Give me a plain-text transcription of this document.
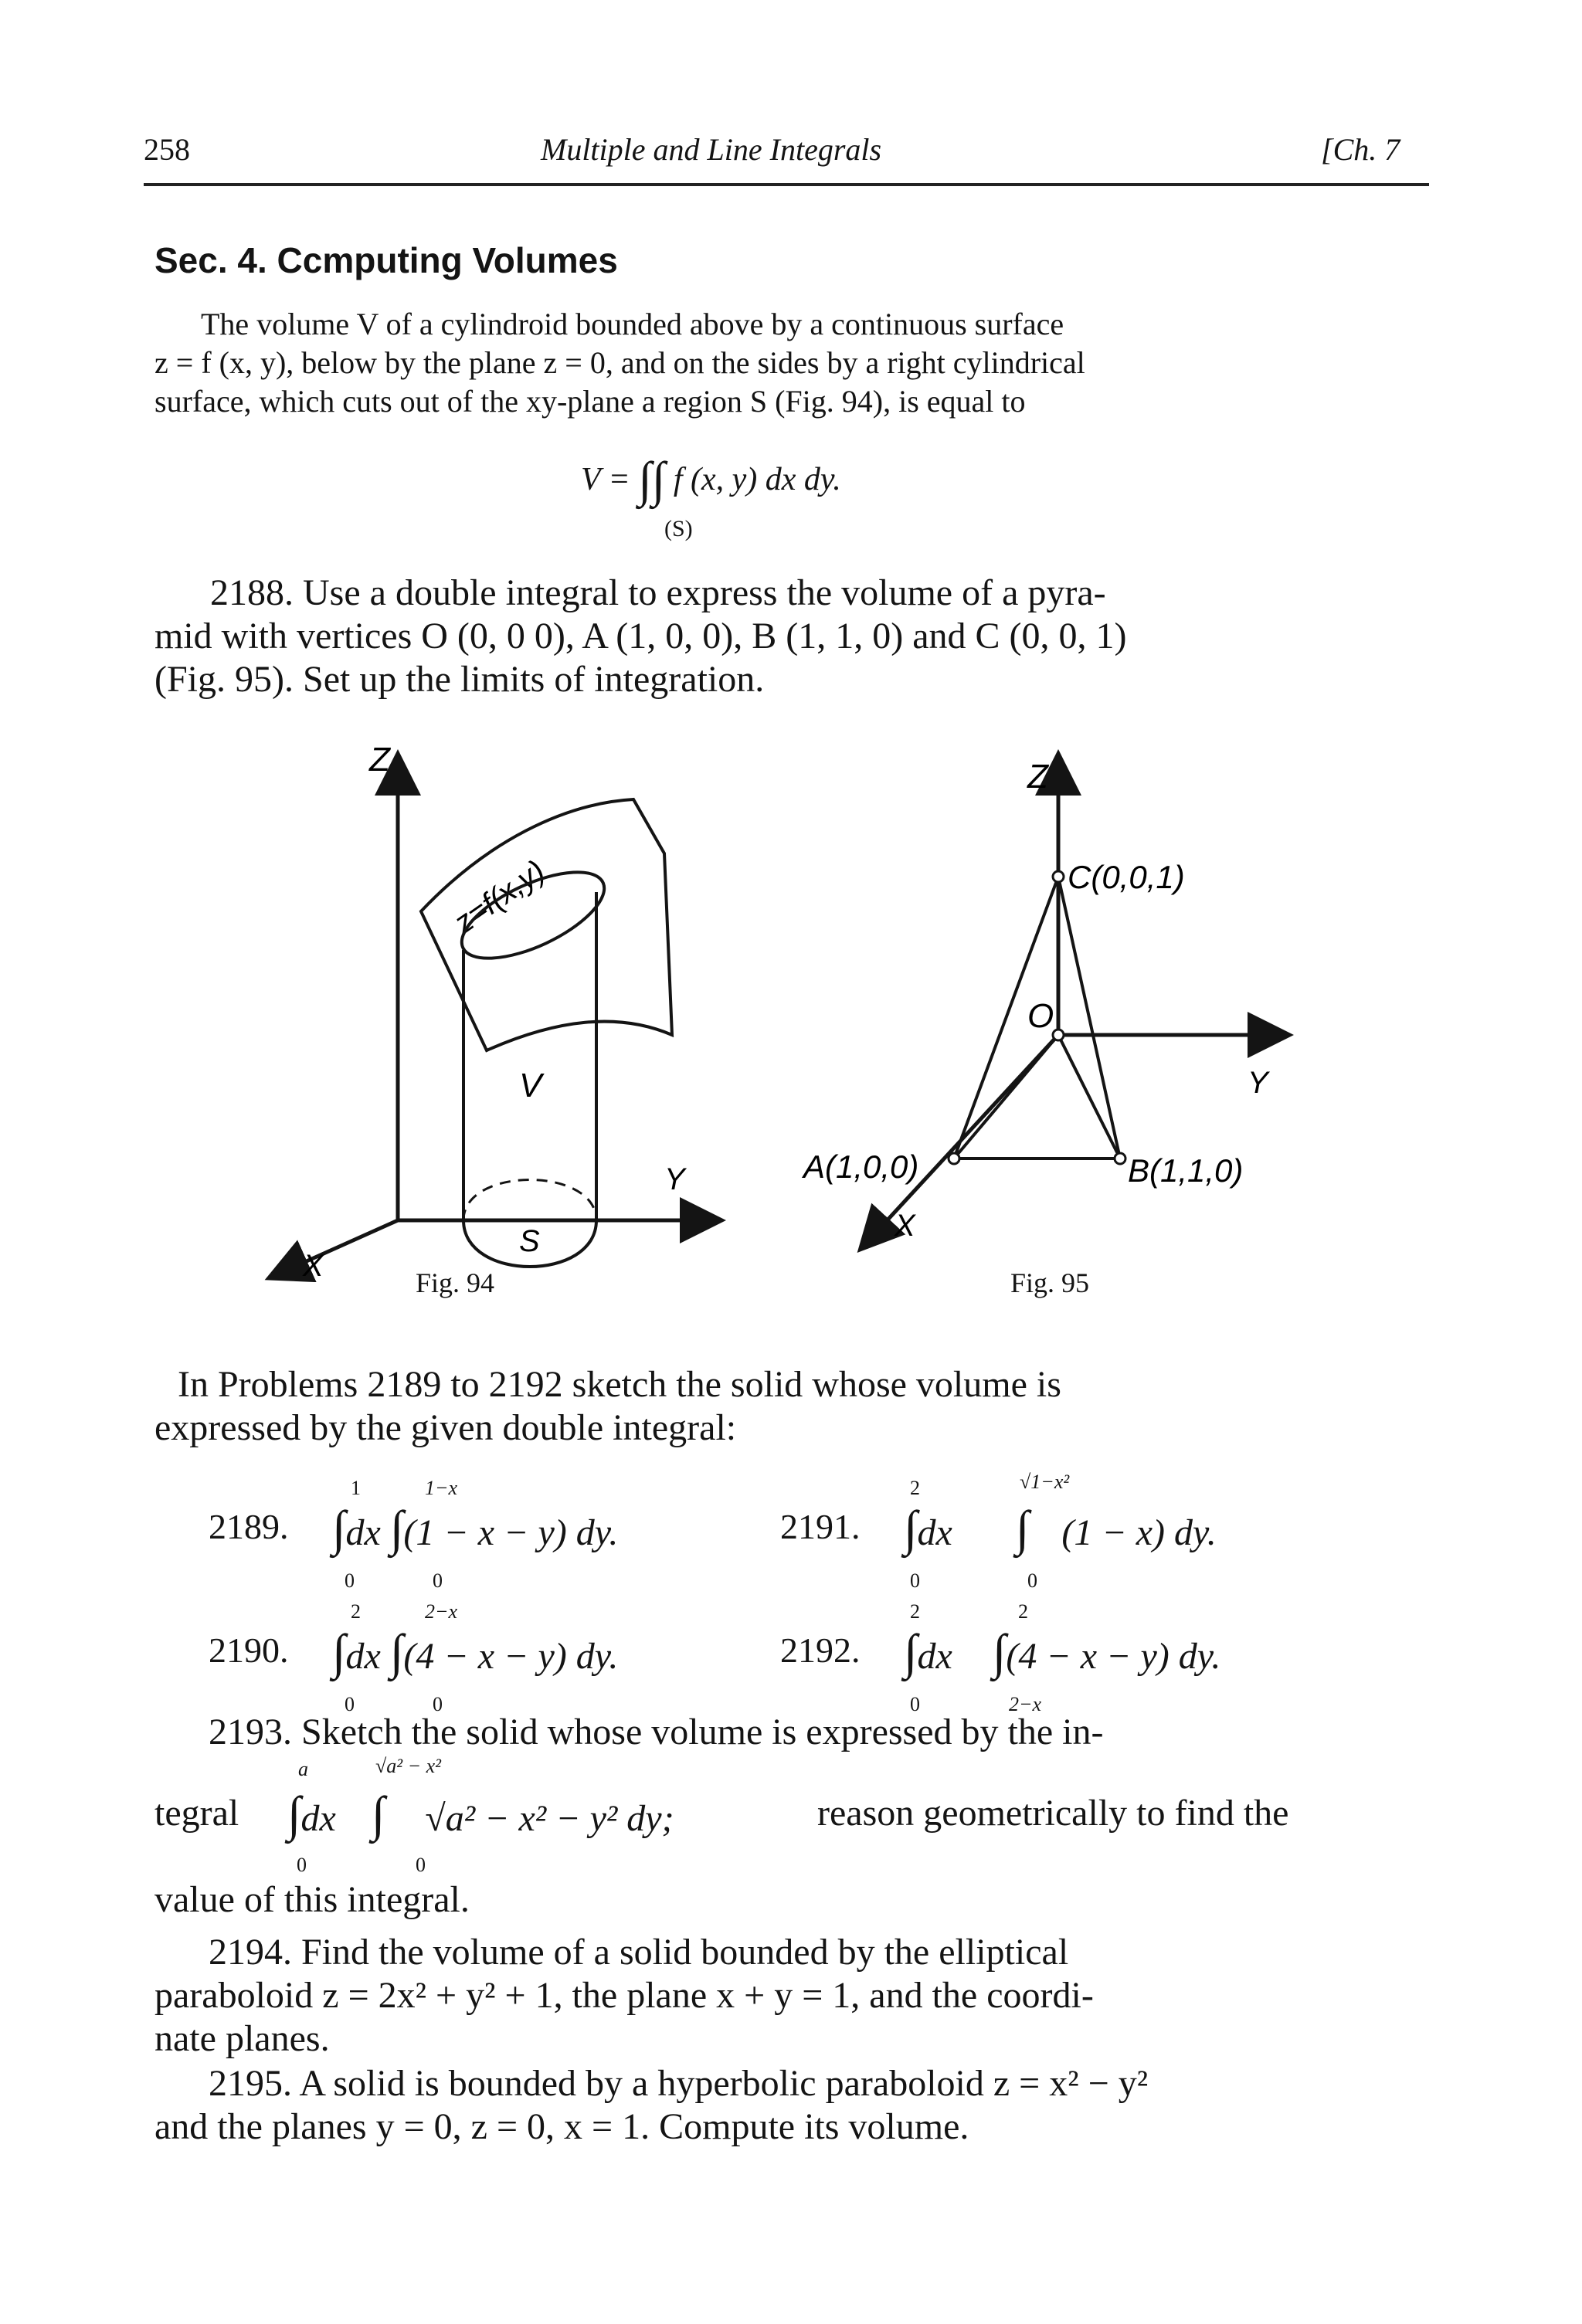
258	Multiple and Line Integrals	[Ch. 7
Sec. 4. Ccmputing Volumes
The volume V of a cylindroid bounded above by a continuous surface
z = f (x, y), below by the plane z = 0, and on the sides by a right cylindrical
surface, which cuts out of the xy-plane a region S (Fig. 94), is equal to
V = ∫∫ f (x, y) dx dy.
(S)
2188. Use a double integral to express the volume of a pyra-
mid with vertices O (0, 0 0), A (1, 0, 0), B (1, 1, 0) and C (0, 0, 1)
(Fig. 95). Set up the limits of integration.
Z
Y
X
z=f(x,y)
S
V
Fig. 94
Z
Y
X
O
A(1,0,0)	B(1,1,0)
C(0,0,1)
Fig. 95
In Problems 2189 to 2192 sketch the solid whose volume is
expressed by the given double integral:
2189. ∫dx ∫(1 − x − y) dy.
1
0
1−x
0
2191. ∫dx ∫ (1 − x) dy.
2
0
√1−x²
0
2190. ∫dx ∫(4 − x − y) dy.
2
0
2−x
0
2192. ∫dx ∫(4 − x − y) dy.
2
0
2
2−x
2193. Sketch the solid whose volume is expressed by the in-
a	√a² − x²
tegral ∫dx ∫ √a² − x² − y² dy;	reason geometrically to find the
0	0
value of this integral.
2194. Find the volume of a solid bounded by the elliptical
paraboloid z = 2x² + y² + 1, the plane x + y = 1, and the coordi-
nate planes.
2195. A solid is bounded by a hyperbolic paraboloid z = x² − y²
and the planes y = 0, z = 0, x = 1. Compute its volume.
